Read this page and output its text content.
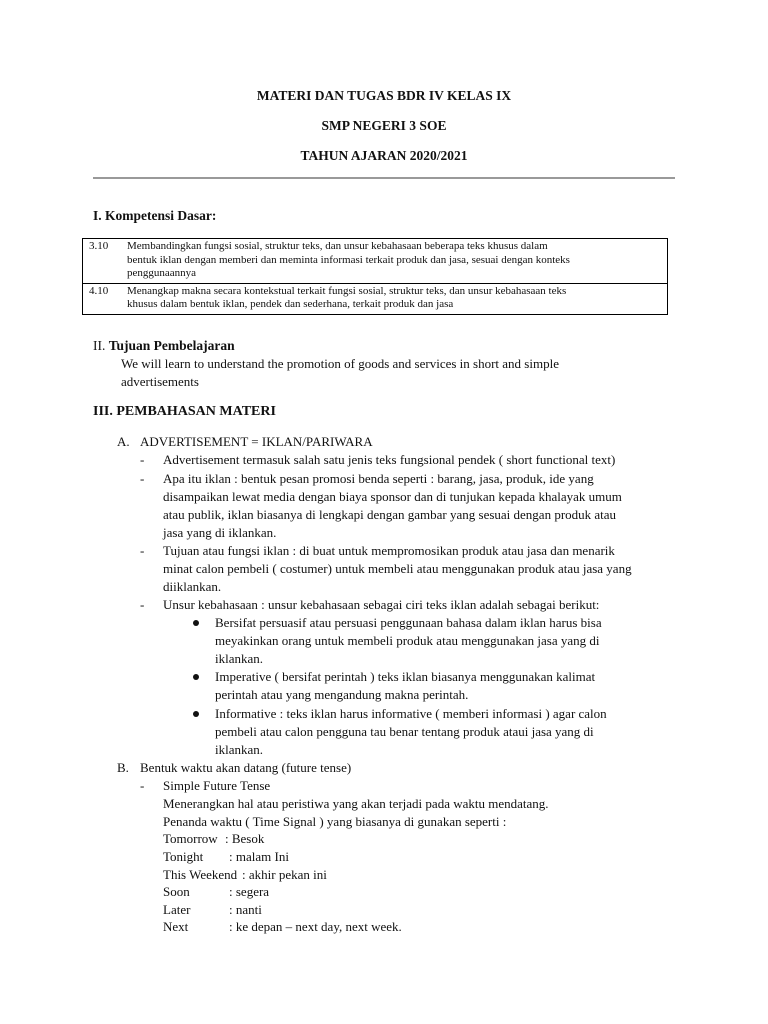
MATERI DAN TUGAS BDR IV KELAS IX
SMP NEGERI 3 SOE
TAHUN AJARAN 2020/2021
I. Kompetensi Dasar:
3.10	Membandingkan fungsi sosial, struktur teks, dan unsur kebahasaan beberapa teks khusus dalam
bentuk iklan dengan memberi dan meminta informasi terkait produk dan jasa, sesuai dengan konteks
penggunaannya

4.10	Menangkap makna secara kontekstual terkait fungsi sosial, struktur teks, dan unsur kebahasaan teks
khusus dalam bentuk iklan, pendek dan sederhana, terkait produk dan jasa
II. Tujuan Pembelajaran
We will learn to understand the promotion of goods and services in short and simple
advertisements
III. PEMBAHASAN MATERI
A. ADVERTISEMENT = IKLAN/PARIWARA
- Advertisement termasuk salah satu jenis teks fungsional pendek ( short functional text)
- Apa itu iklan : bentuk pesan promosi benda seperti : barang, jasa, produk, ide yang
disampaikan lewat media dengan biaya sponsor dan di tunjukan kepada khalayak umum
atau publik, iklan biasanya di lengkapi dengan gambar yang sesuai dengan produk atau
jasa yang di iklankan.
- Tujuan atau fungsi iklan : di buat untuk mempromosikan produk atau jasa dan menarik
minat calon pembeli ( costumer) untuk membeli atau menggunakan produk atau jasa yang
diiklankan.
- Unsur kebahasaan : unsur kebahasaan sebagai ciri teks iklan adalah sebagai berikut:
Bersifat persuasif atau persuasi penggunaan bahasa dalam iklan harus bisa
meyakinkan orang untuk membeli produk atau menggunakan jasa yang di
iklankan.
Imperative ( bersifat perintah ) teks iklan biasanya menggunakan kalimat
perintah atau yang mengandung makna perintah.
Informative : teks iklan harus informative ( memberi informasi ) agar calon
pembeli atau calon pengguna tau benar tentang produk ataui jasa yang di
iklankan.
B. Bentuk waktu akan datang (future tense)
- Simple Future Tense
Menerangkan hal atau peristiwa yang akan terjadi pada waktu mendatang.
Penanda waktu ( Time Signal ) yang biasanya di gunakan seperti :
Tomorrow : Besok
Tonight : malam Ini
This Weekend : akhir pekan ini
Soon	: segera
Later	: nanti
Next	: ke depan – next day, next week.
